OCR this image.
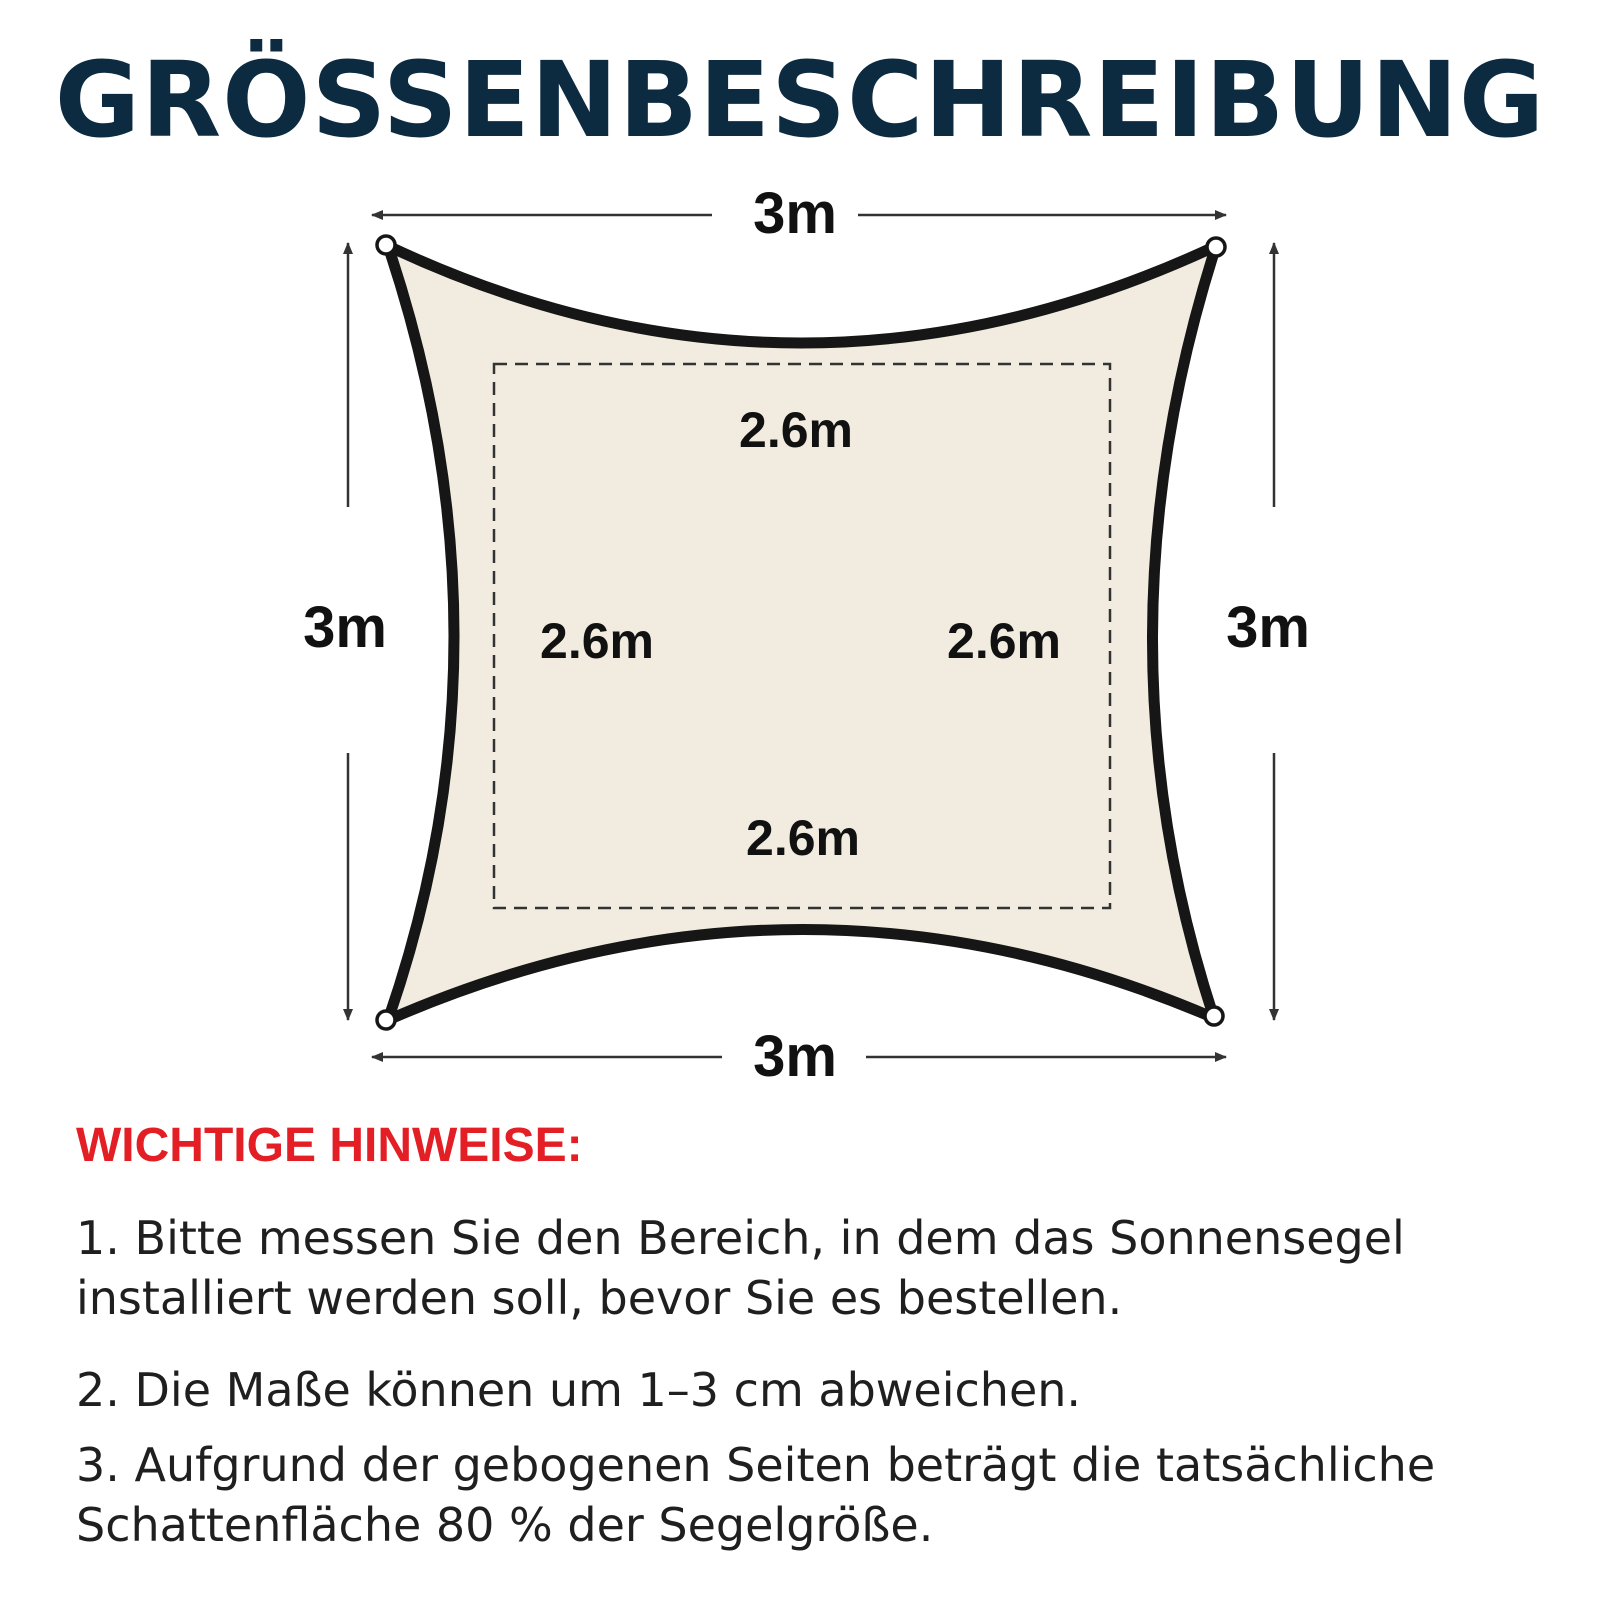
GRÖSSENBESCHREIBUNG
3m
3m
3m	3m
2.6m
2.6m
2.6m	2.6m
WICHTIGE HINWEISE:

1. Bitte messen Sie den Bereich, in dem das Sonnensegel installiert werden soll, bevor Sie es bestellen.

2. Die Maße können um 1–3 cm abweichen.

3. Aufgrund der gebogenen Seiten beträgt die tatsächliche Schattenfläche 80 % der Segelgröße.
